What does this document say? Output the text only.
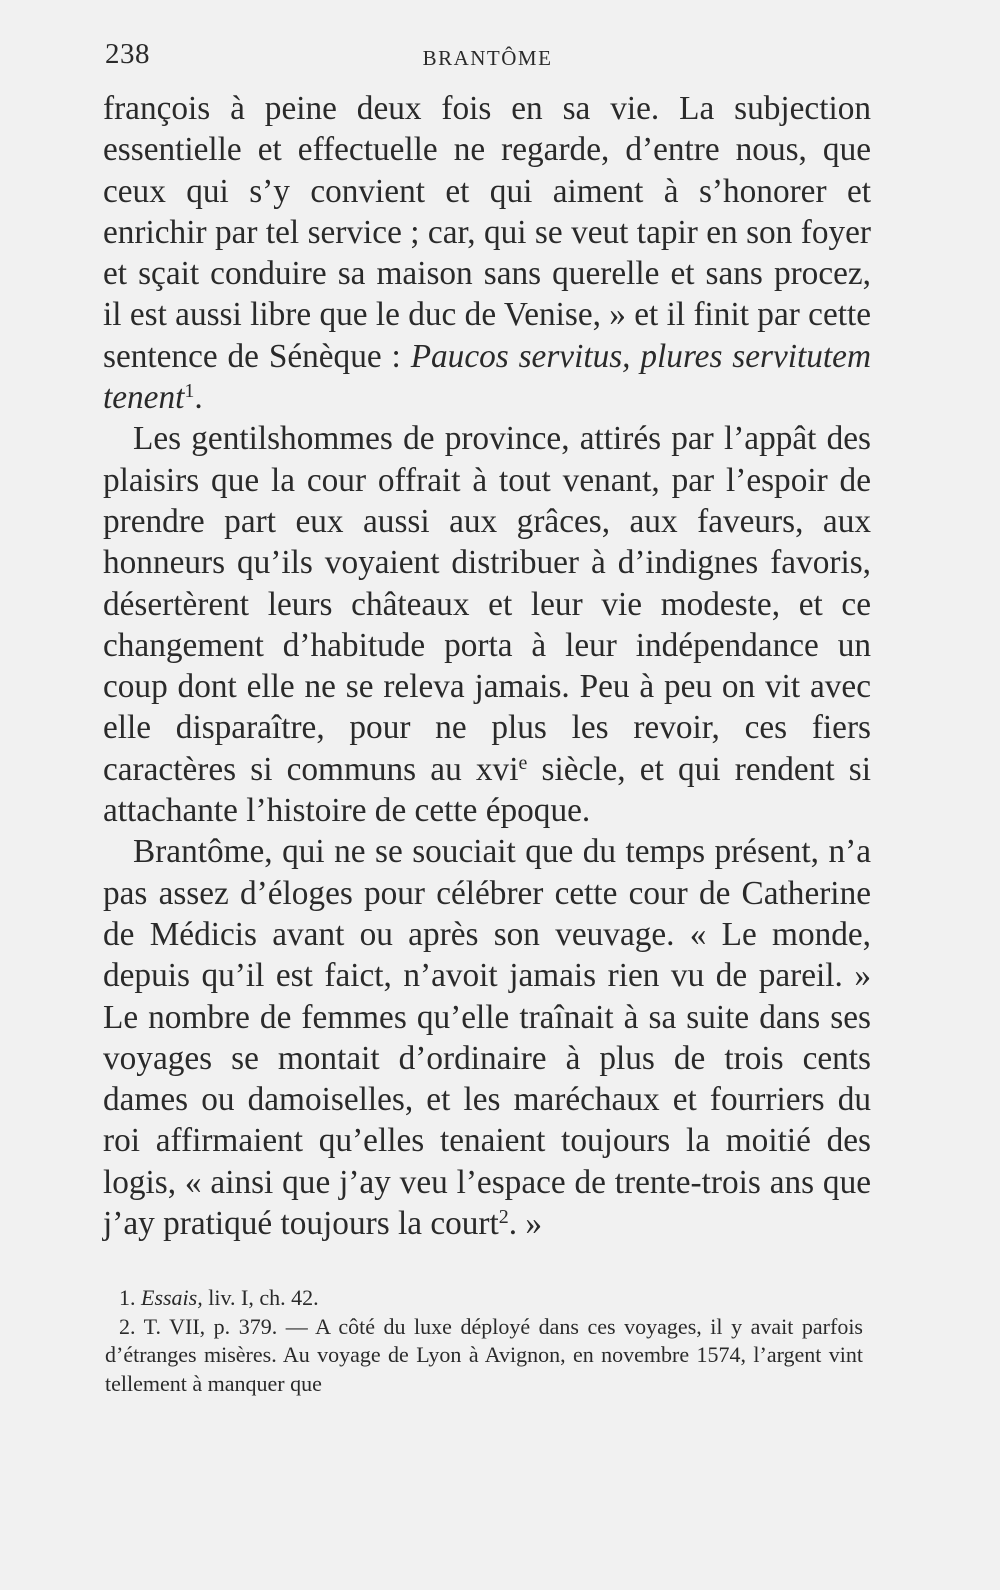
238	BRANTÔME

françois à peine deux fois en sa vie. La subjection essentielle et effectuelle ne regarde, d’entre nous, que ceux qui s’y convient et qui aiment à s’honorer et enrichir par tel service ; car, qui se veut tapir en son foyer et sçait conduire sa maison sans querelle et sans procez, il est aussi libre que le duc de Venise, » et il finit par cette sentence de Sénèque : Paucos servitus, plures servitutem tenent$^1$.

Les gentilshommes de province, attirés par l’appât des plaisirs que la cour offrait à tout venant, par l’espoir de prendre part eux aussi aux grâces, aux faveurs, aux honneurs qu’ils voyaient distribuer à d’indignes favoris, désertèrent leurs châteaux et leur vie modeste, et ce changement d’habitude porta à leur indépendance un coup dont elle ne se releva jamais. Peu à peu on vit avec elle disparaître, pour ne plus les revoir, ces fiers caractères si communs au xvi$^e$ siècle, et qui rendent si attachante l’histoire de cette époque.

Brantôme, qui ne se souciait que du temps présent, n’a pas assez d’éloges pour célébrer cette cour de Catherine de Médicis avant ou après son veuvage. « Le monde, depuis qu’il est faict, n’avoit jamais rien vu de pareil. » Le nombre de femmes qu’elle traînait à sa suite dans ses voyages se montait d’ordinaire à plus de trois cents dames ou damoiselles, et les maréchaux et fourriers du roi affirmaient qu’elles tenaient toujours la moitié des logis, « ainsi que j’ay veu l’espace de trente-trois ans que j’ay pratiqué toujours la court$^2$. »

1. Essais, liv. I, ch. 42.

2. T. VII, p. 379. — A côté du luxe déployé dans ces voyages, il y avait parfois d’étranges misères. Au voyage de Lyon à Avignon, en novembre 1574, l’argent vint tellement à manquer que
